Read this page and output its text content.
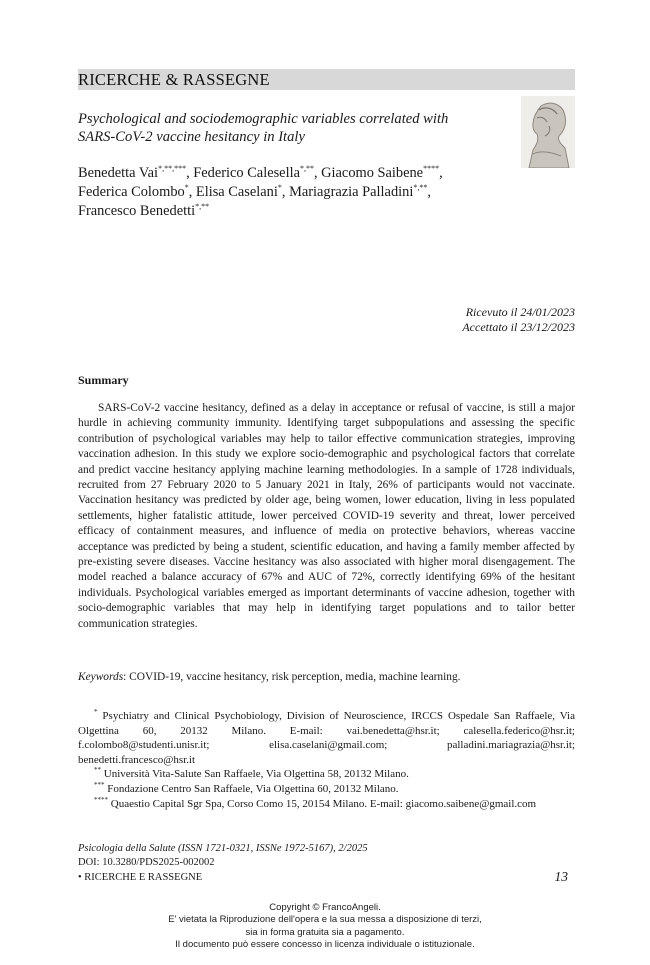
RICERCHE & RASSEGNE
Psychological and sociodemographic variables correlated with
SARS-CoV-2 vaccine hesitancy in Italy
Benedetta Vai*,**,***, Federico Calesella*,**, Giacomo Saibene****,
Federica Colombo*, Elisa Caselani*, Mariagrazia Palladini*,**,
Francesco Benedetti*,**
Ricevuto il 24/01/2023
Accettato il 23/12/2023
Summary

SARS-CoV-2 vaccine hesitancy, defined as a delay in acceptance or refusal of vaccine, is still a major hurdle in achieving community immunity. Identifying target subpopulations and assessing the specific contribution of psychological variables may help to tailor effective communication strategies, improving vaccination adhesion. In this study we explore socio-demographic and psychological factors that correlate and predict vaccine hesitancy applying machine learning methodologies. In a sample of 1728 individuals, recruited from 27 February 2020 to 5 January 2021 in Italy, 26% of participants would not vaccinate. Vaccination hesitancy was predicted by older age, being women, lower education, living in less populated settlements, higher fatalistic attitude, lower perceived COVID-19 severity and threat, lower perceived efficacy of containment measures, and influence of media on protective behaviors, whereas vaccine acceptance was predicted by being a student, scientific education, and having a family member affected by pre-existing severe diseases. Vaccine hesitancy was also associated with higher moral disengagement. The model reached a balance accuracy of 67% and AUC of 72%, correctly identifying 69% of the hesitant individuals. Psychological variables emerged as important determinants of vaccine adhesion, together with socio-demographic variables that may help in identifying target populations and to tailor better communication strategies.

Keywords: COVID-19, vaccine hesitancy, risk perception, media, machine learning.

* Psychiatry and Clinical Psychobiology, Division of Neuroscience, IRCCS Ospedale San Raffaele, Via Olgettina 60, 20132 Milano. E-mail: vai.benedetta@hsr.it; calesella.federico@hsr.it; f.colombo8@studenti.unisr.it; elisa.caselani@gmail.com; palladini.mariagrazia@hsr.it; benedetti.francesco@hsr.it

** Università Vita-Salute San Raffaele, Via Olgettina 58, 20132 Milano.

*** Fondazione Centro San Raffaele, Via Olgettina 60, 20132 Milano.

**** Quaestio Capital Sgr Spa, Corso Como 15, 20154 Milano. E-mail: giacomo.saibene@gmail.com

Psicologia della Salute (ISSN 1721-0321, ISSNe 1972-5167), 2/2025
DOI: 10.3280/PDS2025-002002
• RICERCHE E RASSEGNE	13
Copyright © FrancoAngeli.
E' vietata la Riproduzione dell'opera e la sua messa a disposizione di terzi,
sia in forma gratuita sia a pagamento.
Il documento può essere concesso in licenza individuale o istituzionale.
